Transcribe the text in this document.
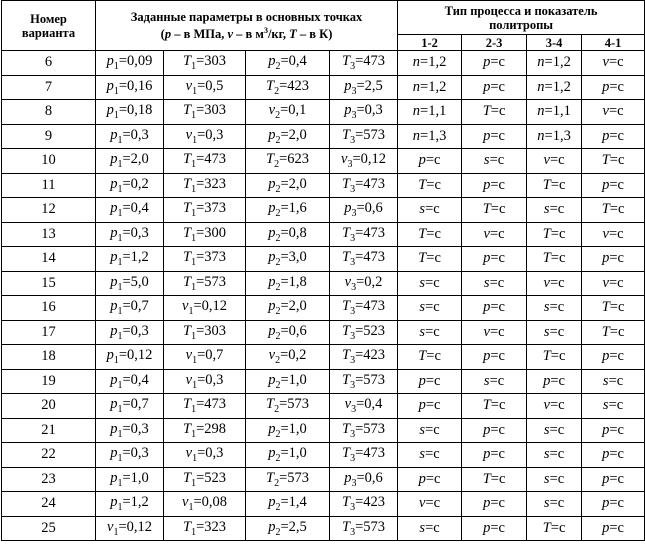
Номер
варианта	Заданные параметры в основных точках
(p – в МПа, v – в $м^3/кг$, T – в К)				Тип процесса и показатель
политропы			
					1-2	2-3	3-4	4-1
6	$p_1=0,09$	$T_1=303$	$p_2=0,4$	$T_3=473$	n=1,2	p=c	n=1,2	v=c
7	$p_1=0,16$	$v_1=0,5$	$T_2=423$	$p_3=2,5$	n=1,2	p=c	n=1,2	p=c
8	$p_1=0,18$	$T_1=303$	$v_2=0,1$	$p_3=0,3$	n=1,1	T=c	n=1,1	v=c
9	$p_1=0,3$	$v_1=0,3$	$p_2=2,0$	$T_3=573$	n=1,3	p=c	n=1,3	p=c
10	$p_1=2,0$	$T_1=473$	$T_2=623$	$v_3=0,12$	p=c	s=c	v=c	T=c
11	$p_1=0,2$	$T_1=323$	$p_2=2,0$	$T_3=473$	T=c	p=c	T=c	p=c
12	$p_1=0,4$	$T_1=373$	$p_2=1,6$	$p_3=0,6$	s=c	T=c	s=c	T=c
13	$p_1=0,3$	$T_1=300$	$p_2=0,8$	$T_3=473$	T=c	v=c	T=c	v=c
14	$p_1=1,2$	$T_1=373$	$p_2=3,0$	$T_3=473$	T=c	p=c	T=c	p=c
15	$p_1=5,0$	$T_1=573$	$p_2=1,8$	$v_3=0,2$	s=c	s=c	v=c	v=c
16	$p_1=0,7$	$v_1=0,12$	$p_2=2,0$	$T_3=473$	s=c	p=c	s=c	T=c
17	$p_1=0,3$	$T_1=303$	$p_2=0,6$	$T_3=523$	s=c	v=c	s=c	T=c
18	$p_1=0,12$	$v_1=0,7$	$v_2=0,2$	$T_3=423$	T=c	p=c	T=c	p=c
19	$p_1=0,4$	$v_1=0,3$	$p_2=1,0$	$T_3=573$	p=c	s=c	p=c	s=c
20	$p_1=0,7$	$T_1=473$	$T_2=573$	$v_3=0,4$	p=c	T=c	v=c	s=c
21	$p_1=0,3$	$T_1=298$	$p_2=1,0$	$T_3=573$	s=c	p=c	s=c	p=c
22	$p_1=0,3$	$v_1=0,3$	$p_2=1,0$	$T_3=473$	s=c	p=c	s=c	p=c
23	$p_1=1,0$	$T_1=523$	$T_2=573$	$p_3=0,6$	p=c	T=c	s=c	p=c
24	$p_1=1,2$	$v_1=0,08$	$p_2=1,4$	$T_3=423$	v=c	p=c	s=c	p=c
25	$v_1=0,12$	$T_1=323$	$p_2=2,5$	$T_3=573$	s=c	p=c	T=c	p=c
